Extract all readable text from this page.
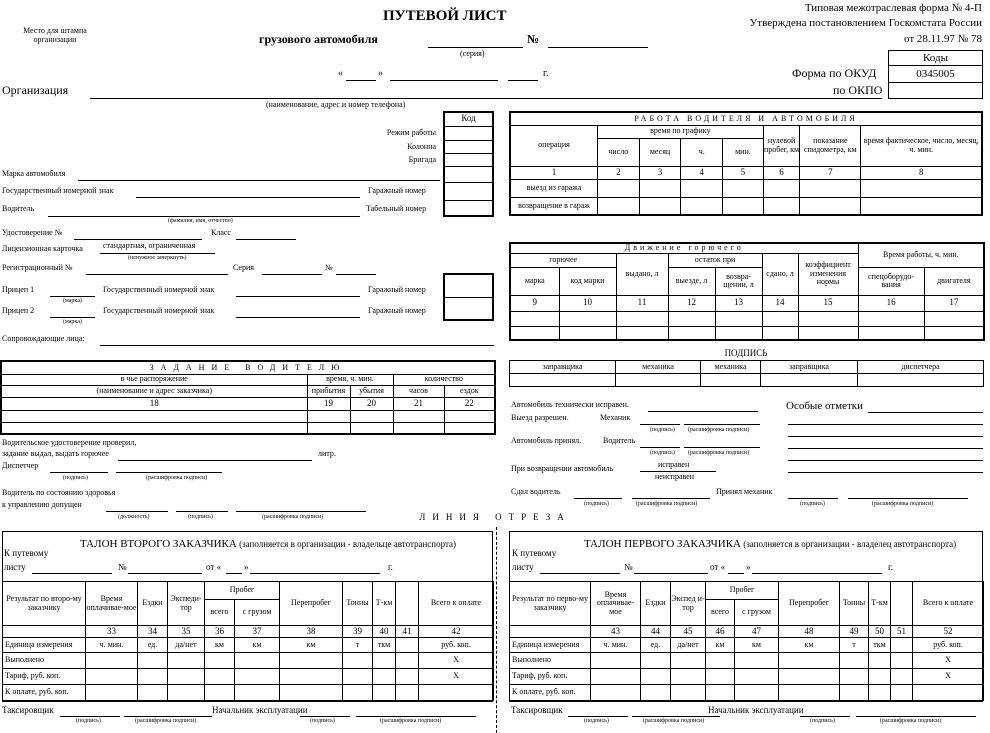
Место для штампа организации
ПУТЕВОЙ ЛИСТ
грузового автомобиля	№
(серия)
«	»	г.
Типовая межотраслевая форма № 4-П
Утверждена постановлением Госкомстата России
от 28.11.97 № 78
Коды
0345005
Форма по ОКУД
по ОКПО
Организация
(наименование, адрес и номер телефона)
Код
Режим работы
Колонна
Бригада
Марка автомобиля
Государственный номерной знак	Гаражный номер
Водитель	Табельный номер
(фамилия, имя, отчество)
Удостоверение №	Класс
Лицензионная карточка	стандартная, ограниченная
(ненужное зачеркнуть)
Регистрационный №	Серия	№
Прицеп 1
(марка)
Государственный номерной знак	Гаражный номер
Прицеп 2
(марка)
Государственный номерной знак	Гаражный номер
Сопровождающие лица:
РАБОТА ВОДИТЕЛЯ И АВТОМОБИЛЯ							
операция	время по графику				нулевой пробег, км	показание спидометра, км	время фактическое, число, месяц, ч. мин.
	число	месяц	ч.	мин.			
1	2	3	4	5	6	7	8
выезд из гаража							
возвращение в гараж							
Движение горючего							Время работы, ч. мин.	
горючее		выдано, л	остаток при		сдано, л	коэффициент изменения нормы		
марка	код марки		выезде, л	возвра-щении, л			спецоборудо-вания	двигателя
9	10	11	12	13	14	15	16	17

ПОДПИСЬ
заправщика	механика	механика	заправщика	диспетчера

ЗАДАНИЕ ВОДИТЕЛЮ				
в чье распоряжение	время, ч. мин.		количество	
(наименование и адрес заказчика)	прибытия	убытия	часов	ездок
18	19	20	21	22

Водительское удостоверение проверил,
задание выдал, выдать горючее	литр.
Диспетчер
(подпись)	(расшифровка подписи)
Водитель по состоянию здоровья
к управлению допущен
(должность)	(подпись)	(расшифровка подписи)
Автомобиль технически исправен.
Выезд разрешен.	Механик
(подпись) (расшифровка подписи)
Автомобиль принял.	Водитель
(подпись) (расшифровка подписи)
При возвращении автомобиль	исправен
неисправен
Сдал водитель
(подпись)	(расшифровка подписи)
Принял механик
(подпись)	(расшифровка подписи)
Особые отметки
ЛИНИЯ ОТРЕЗА
ТАЛОН ВТОРОГО ЗАКАЗЧИКА (заполняется в организации - владельце автотранспорта)
К путевому
листу	№	от «	»	г.
Результат по второ-му заказчику	Время оплачивае-мое	Ездки	Экспеди-тор	Пробег		Перепробег	Тонны	Т-км		Всего к оплате
				всего	с грузом					
	33	34	35	36	37	38	39	40	41	42
Единица измерения	ч. мин.	ед.	да/нет	км	км	км	т	ткм		руб. коп.
Выполнено										X
Тариф, руб. коп.										X
К оплате, руб. коп.										
Таксировщик
(подпись)	(расшифровка подписи)
Начальник эксплуатации
(подпись)	(расшифровка подписи)
ТАЛОН ПЕРВОГО ЗАКАЗЧИКА (заполняется в организации - владелец автотранспорта)
К путевому
листу	№	от « »	г.
Результат по перво-му заказчику	Время оплачивае-мое	Ездки	Экспед и-тор	Пробег		Перепробег	Тонны	Т-км		Всего к оплате
				всего	с грузом					
	43	44	45	46	47	48	49	50	51	52
Единица измерения	ч. мин.	ед.	да/нет	км	км	км	т	ткм		руб. коп.
Выполнено										X
Тариф, руб. коп.										X
К оплате, руб. коп.										
Таксировщик
(подпись)	(расшифровка подписи)
Начальник эксплуатации
(подпись)	(расшифровка подписи)
